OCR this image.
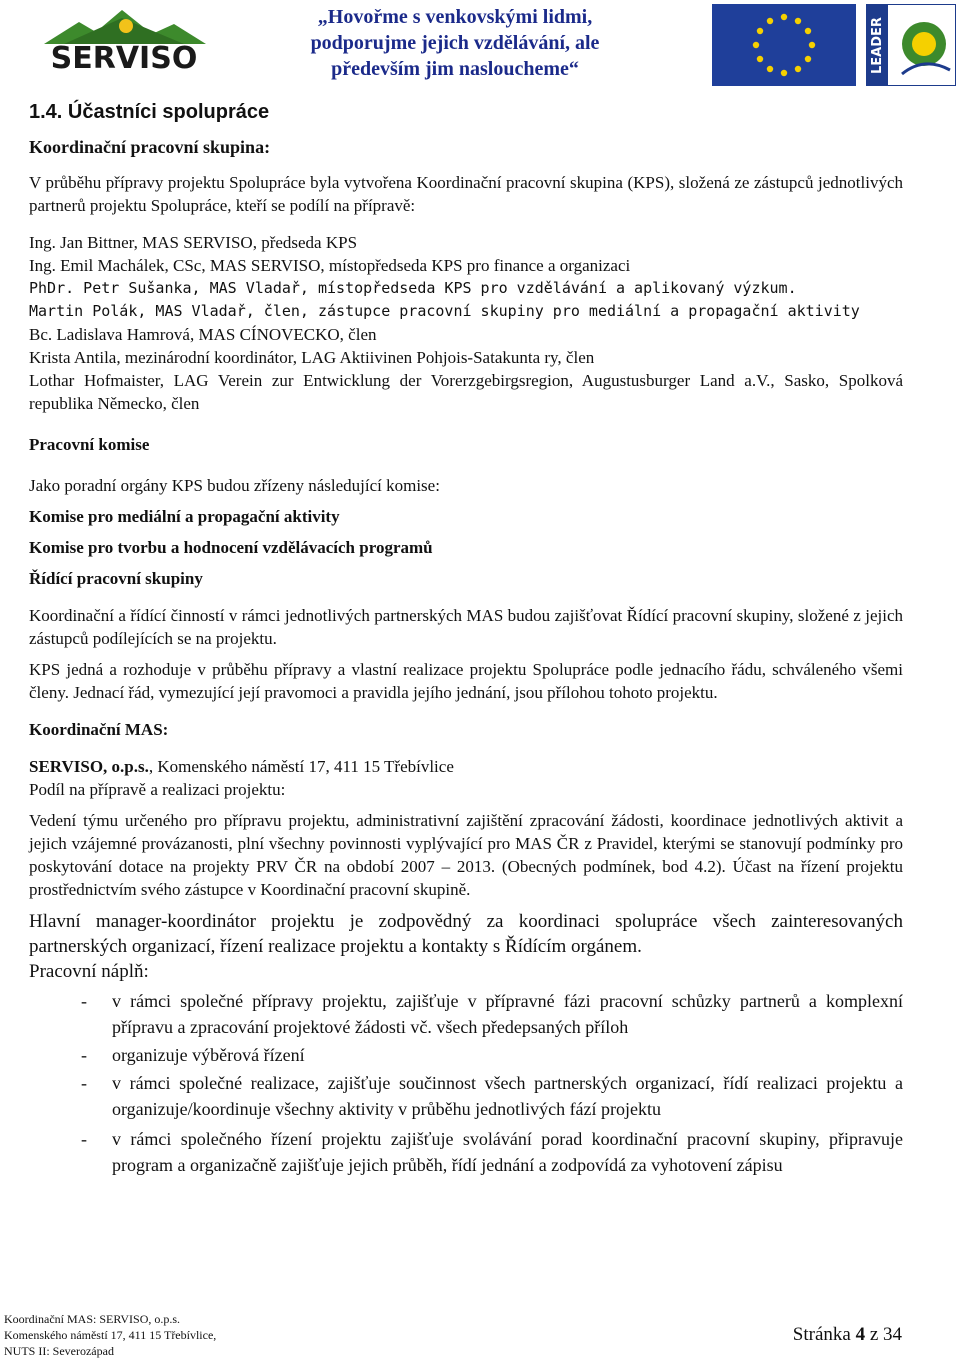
SERVISO
„Hovořme s venkovskými lidmi,
podporujme jejich vzdělávání, ale
především jim nasloucheme“	LEADER
1.4. Účastníci spolupráce
Koordinační pracovní skupina:

V průběhu přípravy projektu Spolupráce byla vytvořena Koordinační pracovní skupina (KPS), složená ze zástupců jednotlivých partnerů projektu Spolupráce, kteří se podílí na přípravě:

Ing. Jan Bittner, MAS SERVISO, předseda KPS

Ing. Emil Machálek, CSc, MAS SERVISO, místopředseda KPS pro finance a organizaci

PhDr. Petr Sušanka, MAS Vladař, místopředseda KPS pro vzdělávání a aplikovaný výzkum.

Martin Polák, MAS Vladař, člen, zástupce pracovní skupiny pro mediální a propagační aktivity

Bc. Ladislava Hamrová, MAS CÍNOVECKO, člen

Krista Antila, mezinárodní koordinátor, LAG Aktiivinen Pohjois-Satakunta ry, člen

Lothar Hofmaister, LAG Verein zur Entwicklung der Vorerzgebirgsregion, Augustusburger Land a.V., Sasko, Spolková republika Německo, člen

Pracovní komise

Jako poradní orgány KPS budou zřízeny následující komise:

Komise pro mediální a propagační aktivity

Komise pro tvorbu a hodnocení vzdělávacích programů

Řídící pracovní skupiny

Koordinační a řídící činností v rámci jednotlivých partnerských MAS budou zajišťovat Řídící pracovní skupiny, složené z jejich zástupců podílejících se na projektu.

KPS jedná a rozhoduje v průběhu přípravy a vlastní realizace projektu Spolupráce podle jednacího řádu, schváleného všemi členy. Jednací řád, vymezující její pravomoci a pravidla jejího jednání, jsou přílohou tohoto projektu.

Koordinační MAS:

SERVISO, o.p.s., Komenského náměstí 17, 411 15 Třebívlice

Podíl na přípravě a realizaci projektu:

Vedení týmu určeného pro přípravu projektu, administrativní zajištění zpracování žádosti, koordinace jednotlivých aktivit a jejich vzájemné provázanosti, plní všechny povinnosti vyplývající pro MAS ČR z Pravidel, kterými se stanovují podmínky pro poskytování dotace na projekty PRV ČR na období 2007 – 2013. (Obecných podmínek, bod 4.2). Účast na řízení projektu prostřednictvím svého zástupce v Koordinační pracovní skupině.

Hlavní manager-koordinátor projektu je zodpovědný za koordinaci spolupráce všech zainteresovaných partnerských organizací, řízení realizace projektu a kontakty s Řídícím orgánem.

Pracovní náplň:

- v rámci společné přípravy projektu, zajišťuje v přípravné fázi pracovní schůzky partnerů a komplexní přípravu a zpracování projektové žádosti vč. všech předepsaných příloh
- organizuje výběrová řízení
- v rámci společné realizace, zajišťuje součinnost všech partnerských organizací, řídí realizaci projektu a organizuje/koordinuje všechny aktivity v průběhu jednotlivých fází projektu
- v rámci společného řízení projektu zajišťuje svolávání porad koordinační pracovní skupiny, připravuje program a organizačně zajišťuje jejich průběh, řídí jednání a zodpovídá za vyhotovení zápisu
Koordinační MAS: SERVISO, o.p.s.
Komenského náměstí 17, 411 15 Třebívlice,
NUTS II: Severozápad
Stránka 4 z 34
